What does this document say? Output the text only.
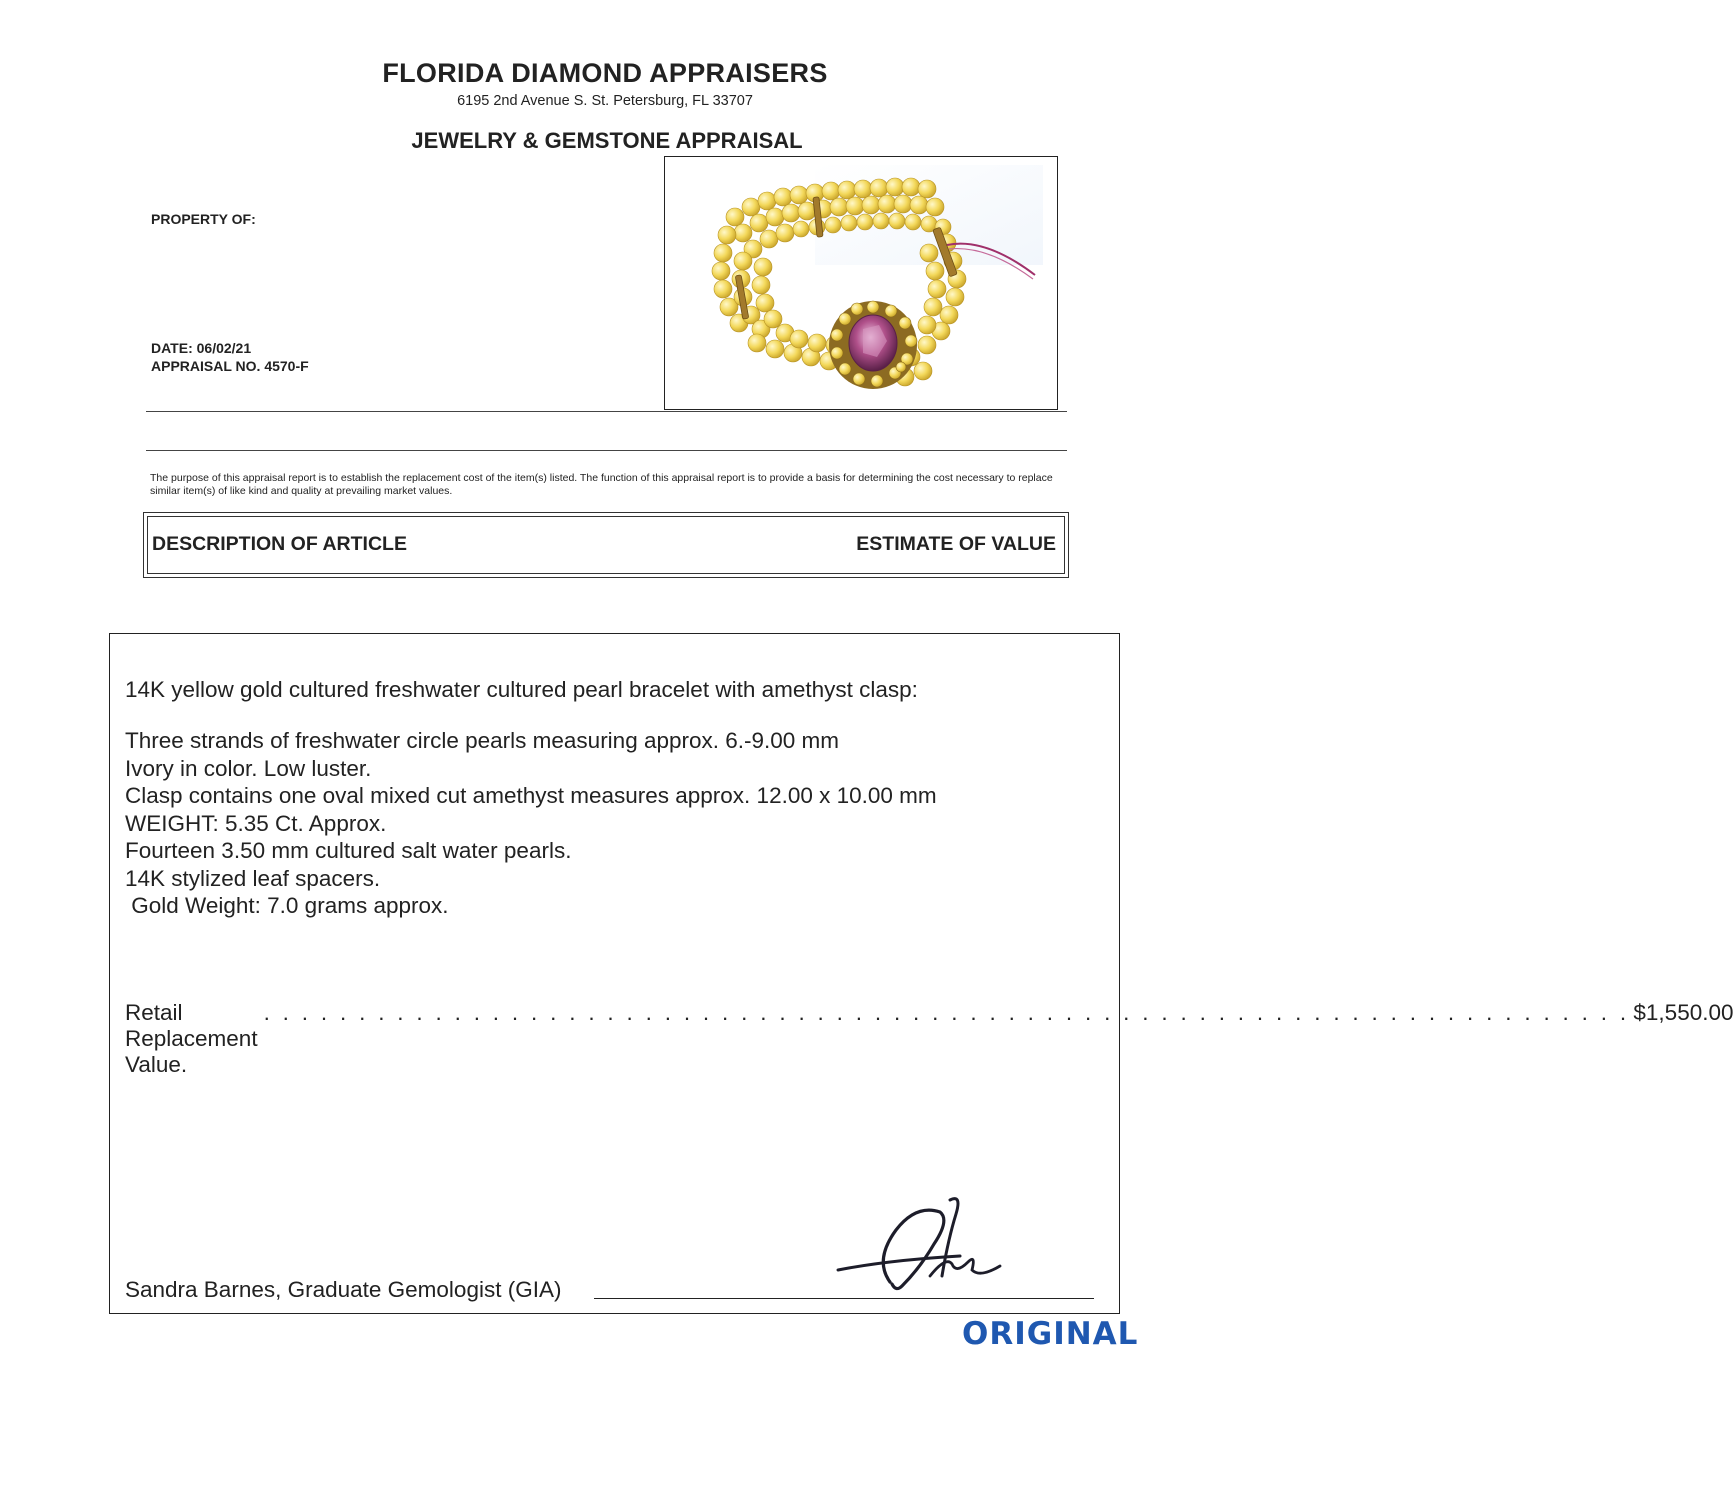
FLORIDA DIAMOND APPRAISERS
6195 2nd Avenue S. St. Petersburg, FL 33707
JEWELRY & GEMSTONE APPRAISAL
PROPERTY OF:
DATE: 06/02/21
APPRAISAL NO. 4570-F
The purpose of this appraisal report is to establish the replacement cost of the item(s) listed. The function of this appraisal report is to provide a basis for determining the cost necessary to replace similar item(s) of like kind and quality at prevailing market values.
DESCRIPTION OF ARTICLE	ESTIMATE OF VALUE
14K yellow gold cultured freshwater cultured pearl bracelet with amethyst clasp:
Three strands of freshwater circle pearls measuring approx. 6.-9.00 mm
Ivory in color. Low luster.
Clasp contains one oval mixed cut amethyst measures approx. 12.00 x 10.00 mm
WEIGHT: 5.35 Ct. Approx.
Fourteen 3.50 mm cultured salt water pearls.
14K stylized leaf spacers.
Gold Weight: 7.0 grams approx.
Retail Replacement Value.
. . . . . . . . . . . . . . . . . . . . . . . . . . . . . . . . . . . . . . . . . . . . . . . . . . . . . . . . . . . . . . . . . . . . . . . . $1,550.00
Sandra Barnes, Graduate Gemologist (GIA)
ORIGINAL
